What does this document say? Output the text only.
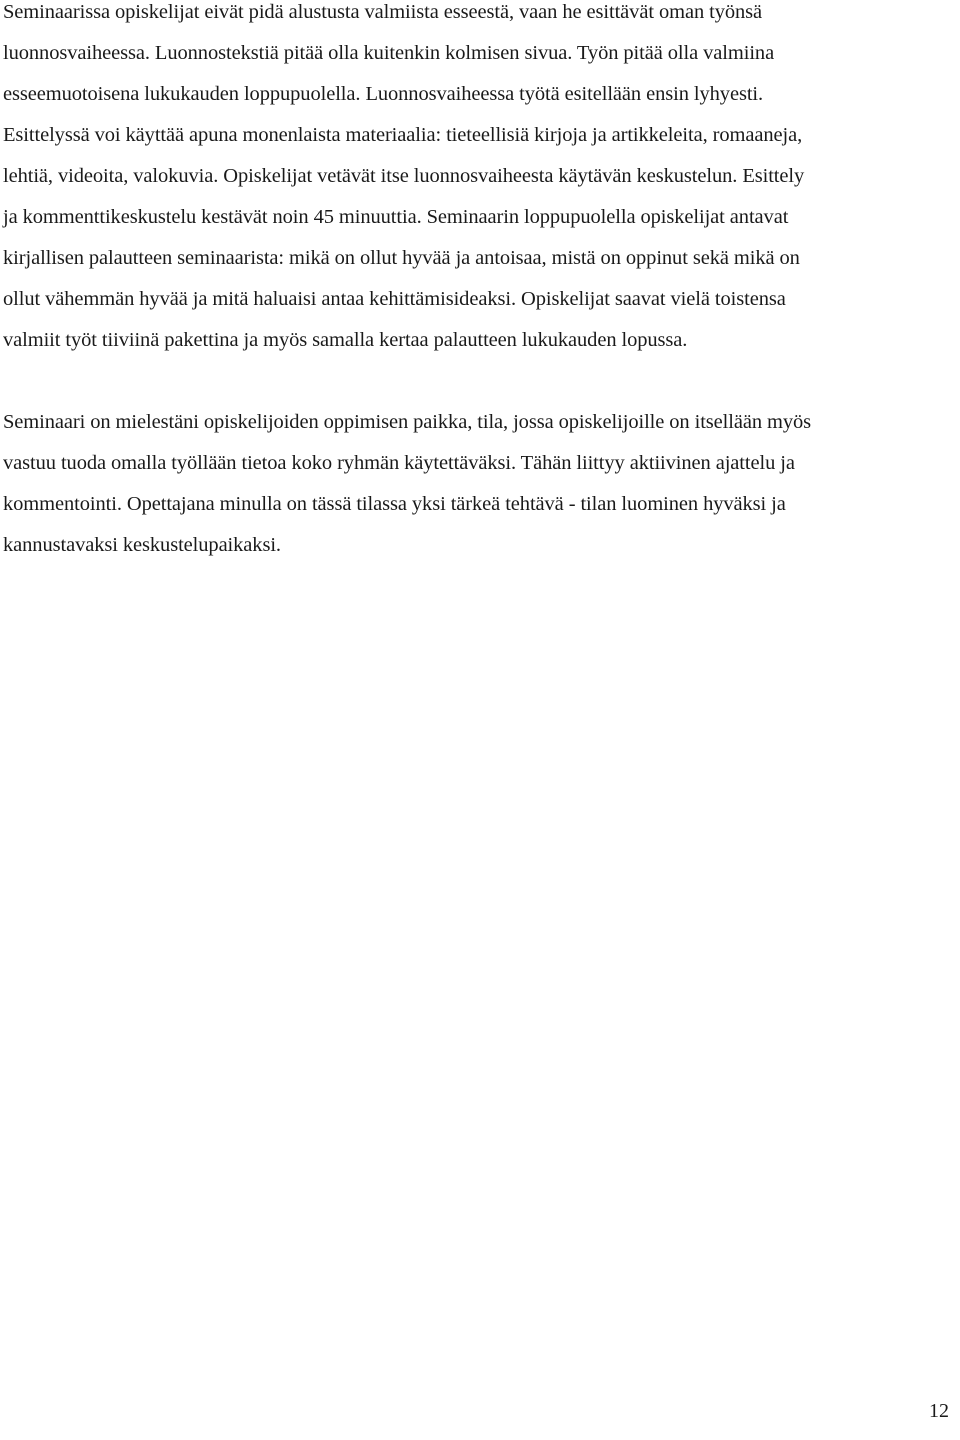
Seminaarissa opiskelijat eivät pidä alustusta valmiista esseestä, vaan he esittävät oman työnsä
luonnosvaiheessa. Luonnostekstiä pitää olla kuitenkin kolmisen sivua. Työn pitää olla valmiina
esseemuotoisena lukukauden loppupuolella. Luonnosvaiheessa työtä esitellään ensin lyhyesti.
Esittelyssä voi käyttää apuna monenlaista materiaalia: tieteellisiä kirjoja ja artikkeleita, romaaneja,
lehtiä, videoita, valokuvia. Opiskelijat vetävät itse luonnosvaiheesta käytävän keskustelun. Esittely
ja kommenttikeskustelu kestävät noin 45 minuuttia. Seminaarin loppupuolella opiskelijat antavat
kirjallisen palautteen seminaarista: mikä on ollut hyvää ja antoisaa, mistä on oppinut sekä mikä on
ollut vähemmän hyvää ja mitä haluaisi antaa kehittämisideaksi. Opiskelijat saavat vielä toistensa
valmiit työt tiiviinä pakettina ja myös samalla kertaa palautteen lukukauden lopussa.
Seminaari on mielestäni opiskelijoiden oppimisen paikka, tila, jossa opiskelijoille on itsellään myös
vastuu tuoda omalla työllään tietoa koko ryhmän käytettäväksi. Tähän liittyy aktiivinen ajattelu ja
kommentointi. Opettajana minulla on tässä tilassa yksi tärkeä tehtävä - tilan luominen hyväksi ja
kannustavaksi keskustelupaikaksi.
12
